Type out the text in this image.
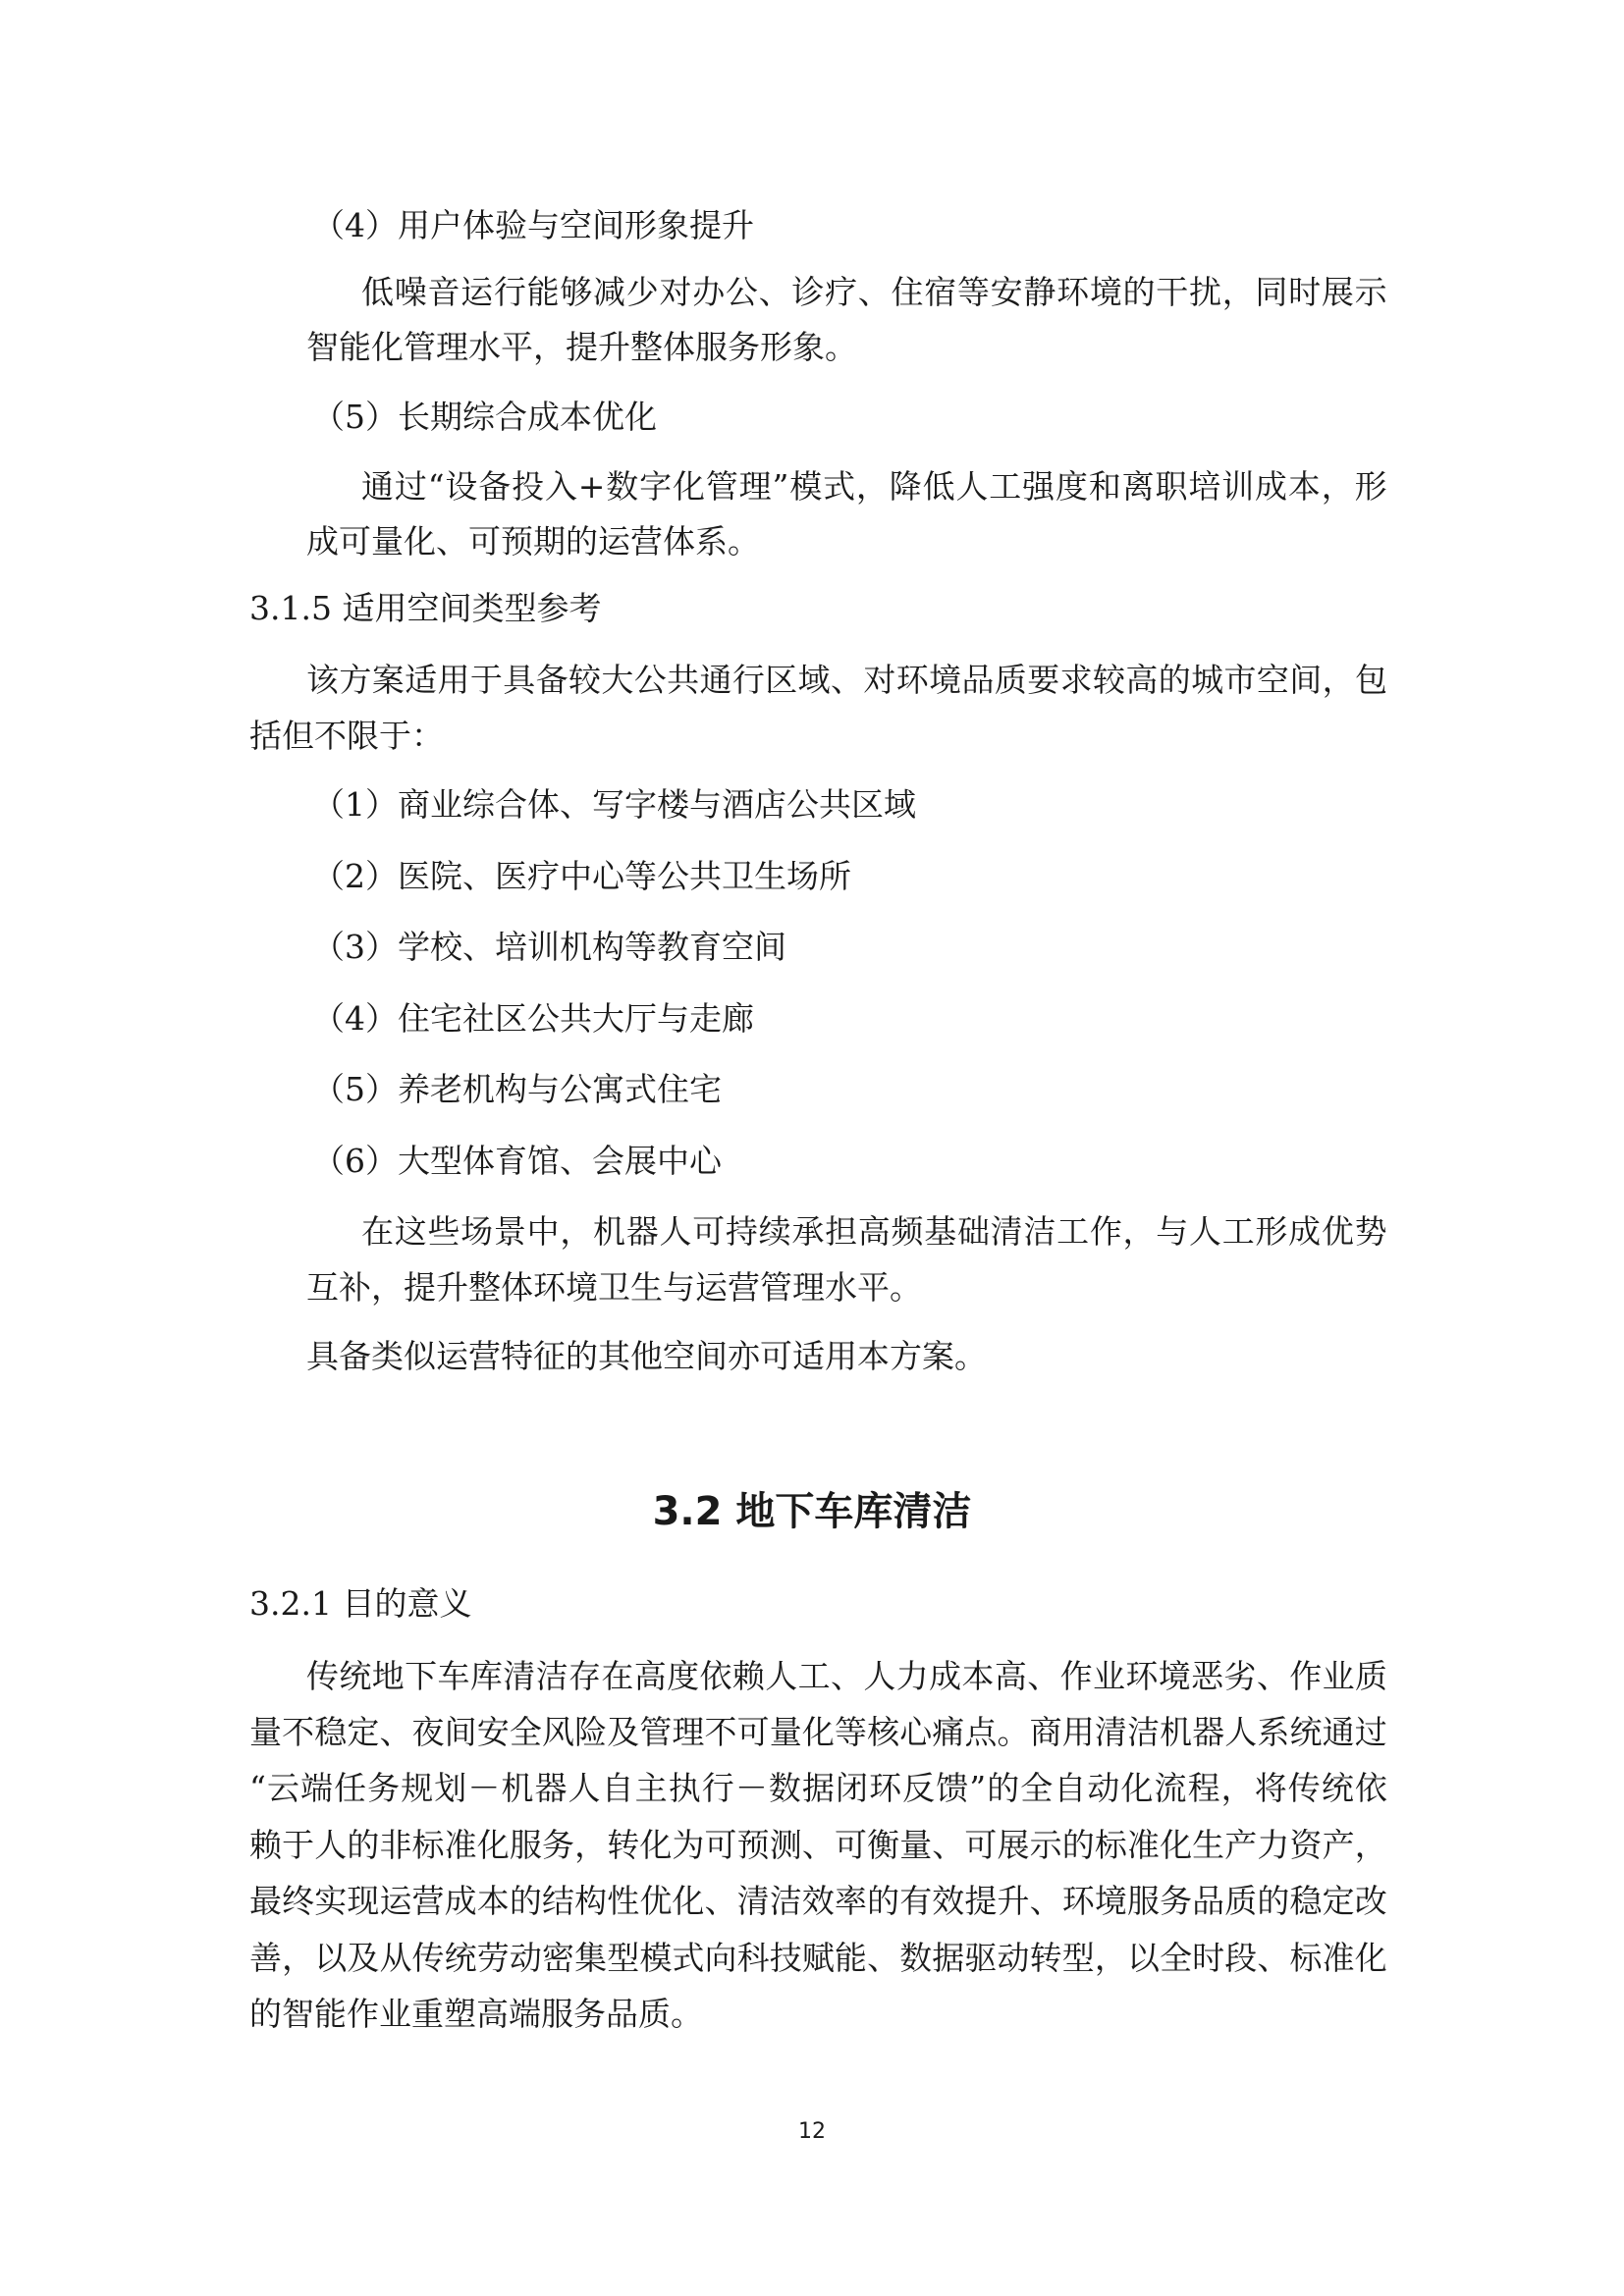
（4）用户体验与空间形象提升
低 噪 音 运 行 能 够 减 少 对 办 公 、 诊 疗 、 住 宿 等 安 静 环 境 的 干 扰 ， 同 时 展 示
智能化管理水平，提升整体服务形象。
（5）长期综合成本优化
通 过 “ 设 备 投 入 + 数 字 化 管 理 ” 模 式 ， 降 低 人 工 强 度 和 离 职 培 训 成 本 ， 形
成可量化、可预期的运营体系。
3.1.5 适用空间类型参考
该 方 案 适 用 于 具 备 较 大 公 共 通 行 区 域 、 对 环 境 品 质 要 求 较 高 的 城 市 空 间 ， 包
括但不限于：
（1）商业综合体、写字楼与酒店公共区域
（2）医院、医疗中心等公共卫生场所
（3）学校、培训机构等教育空间
（4）住宅社区公共大厅与走廊
（5）养老机构与公寓式住宅
（6）大型体育馆、会展中心
在 这 些 场 景 中 ， 机 器 人 可 持 续 承 担 高 频 基 础 清 洁 工 作 ， 与 人 工 形 成 优 势
互补，提升整体环境卫生与运营管理水平。
具备类似运营特征的其他空间亦可适用本方案。
3.2 地下车库清洁
3.2.1 目的意义
传 统 地 下 车 库 清 洁 存 在 高 度 依 赖 人 工 、 人 力 成 本 高 、 作 业 环 境 恶 劣 、 作 业 质
量 不 稳 定 、 夜 间 安 全 风 险 及 管 理 不 可 量 化 等 核 心 痛 点 。 商 用 清 洁 机 器 人 系 统 通 过
“ 云 端 任 务 规 划 － 机 器 人 自 主 执 行 － 数 据 闭 环 反 馈 ” 的 全 自 动 化 流 程 ， 将 传 统 依
赖 于 人 的 非 标 准 化 服 务 ， 转 化 为 可 预 测 、 可 衡 量 、 可 展 示 的 标 准 化 生 产 力 资 产 ，
最 终 实 现 运 营 成 本 的 结 构 性 优 化 、 清 洁 效 率 的 有 效 提 升 、 环 境 服 务 品 质 的 稳 定 改
善 ， 以 及 从 传 统 劳 动 密 集 型 模 式 向 科 技 赋 能 、 数 据 驱 动 转 型 ， 以 全 时 段 、 标 准 化
的智能作业重塑高端服务品质。
12
